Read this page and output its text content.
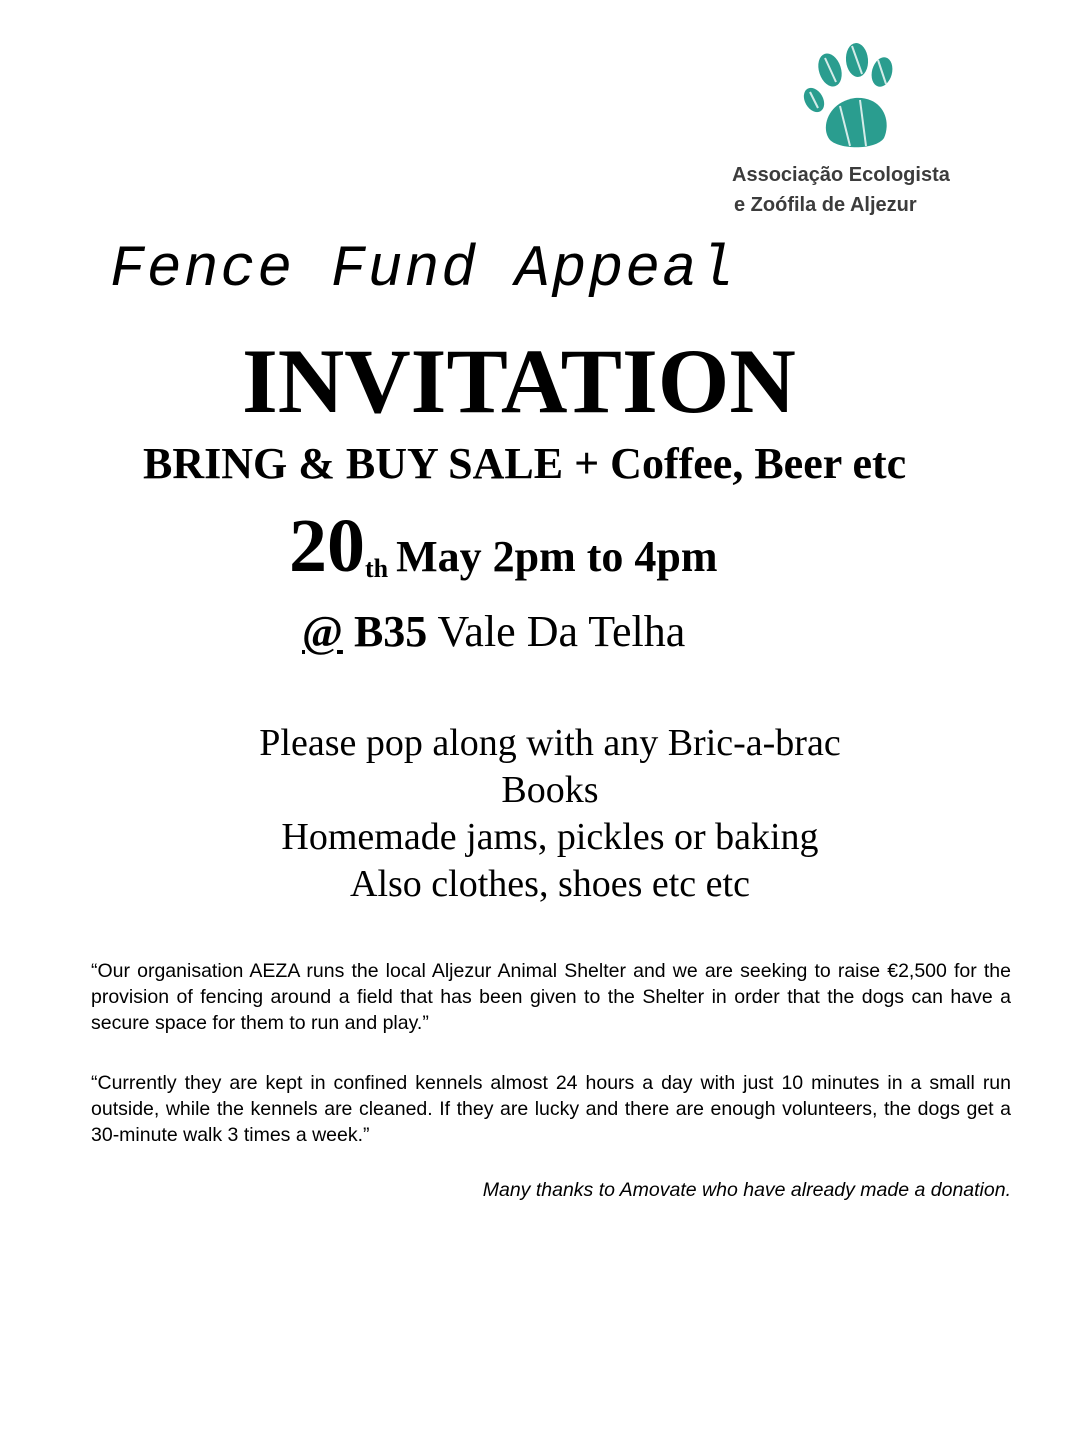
Associação Ecologista
e Zoófila de Aljezur
Fence Fund Appeal
INVITATION
BRING & BUY SALE + Coffee, Beer etc
20th May 2pm to 4pm
@ B35 Vale Da Telha
Please pop along with any Bric-a-brac
Books
Homemade jams, pickles or baking
Also clothes, shoes etc etc
“Our organisation AEZA runs the local Aljezur Animal Shelter and we are seeking to raise €2,500 for the provision of fencing around a field that has been given to the Shelter in order that the dogs can have a secure space for them to run and play.”
“Currently they are kept in confined kennels almost 24 hours a day with just 10 minutes in a small run outside, while the kennels are cleaned. If they are lucky and there are enough volunteers, the dogs get a 30-minute walk 3 times a week.”
Many thanks to Amovate who have already made a donation.
